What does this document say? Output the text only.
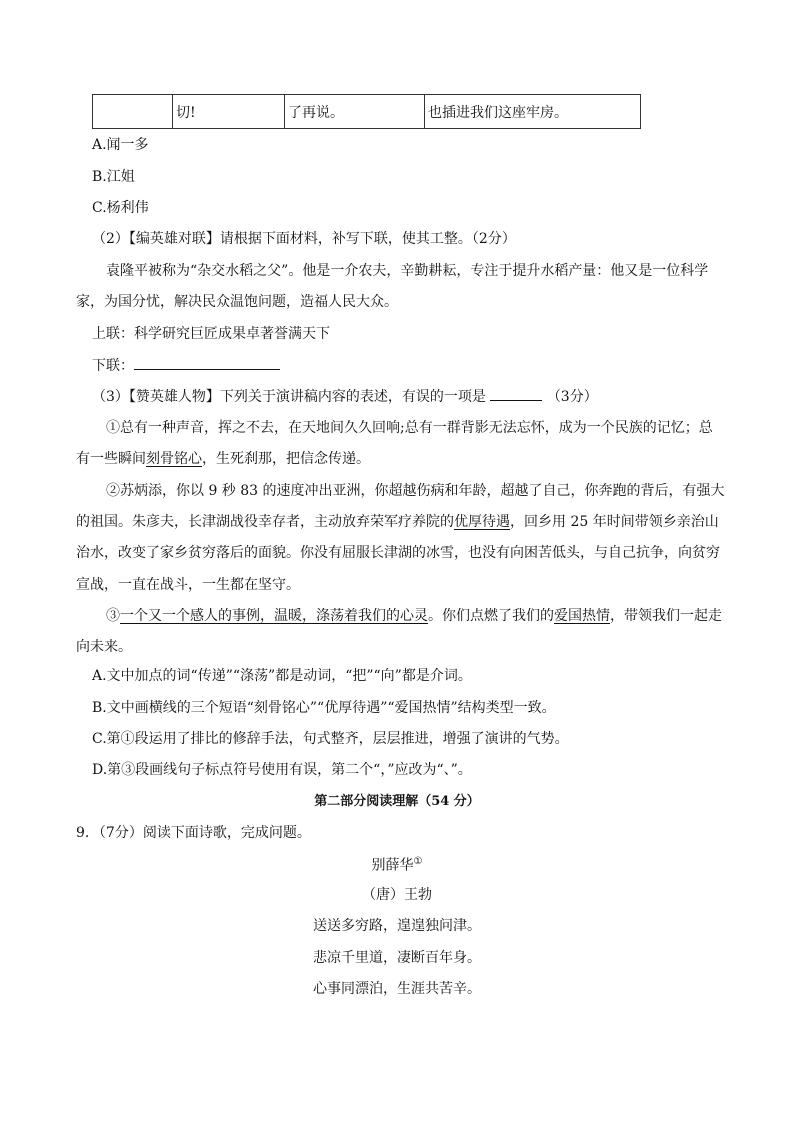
	切!	了再说。	也插进我们这座牢房。
A.闻一多
B.江姐
C.杨利伟
（2）【编英雄对联】请根据下面材料，补写下联，使其工整。（2分）
袁隆平被称为“杂交水稻之父”。他是一介农夫，辛勤耕耘，专注于提升水稻产量：他又是一位科学
家，为国分忧，解决民众温饱问题，造福人民大众。
上联：科学研究巨匠成果卓著誉满天下
下联：
（3）【赞英雄人物】下列关于演讲稿内容的表述，有误的一项是	（3分）
①总有一种声音，挥之不去，在天地间久久回响;总有一群背影无法忘怀，成为一个民族的记忆；总
有一些瞬间刻骨铭心，生死刹那，把信念传递。
②苏炳添，你以 9 秒 83 的速度冲出亚洲，你超越伤病和年龄，超越了自己，你奔跑的背后，有强大
的祖国。朱彦夫，长津湖战役幸存者，主动放弃荣军疗养院的优厚待遇，回乡用 25 年时间带领乡亲治山
治水，改变了家乡贫穷落后的面貌。你没有屈服长津湖的冰雪，也没有向困苦低头，与自己抗争，向贫穷
宣战，一直在战斗，一生都在坚守。
③一个又一个感人的事例，温暖，涤荡着我们的心灵。你们点燃了我们的爱国热情，带领我们一起走
向未来。
A.文中加点的词“传递”“涤荡”都是动词，“把”“向”都是介词。
B.文中画横线的三个短语“刻骨铭心”“优厚待遇”“爱国热情”结构类型一致。
C.第①段运用了排比的修辞手法，句式整齐，层层推进，增强了演讲的气势。
D.第③段画线句子标点符号使用有误，第二个“，”应改为“、”。
第二部分阅读理解（54 分）
9．（7分）阅读下面诗歌，完成问题。
别薛华①
（唐）王勃
送送多穷路，遑遑独问津。
悲凉千里道，凄断百年身。
心事同漂泊，生涯共苦辛。
